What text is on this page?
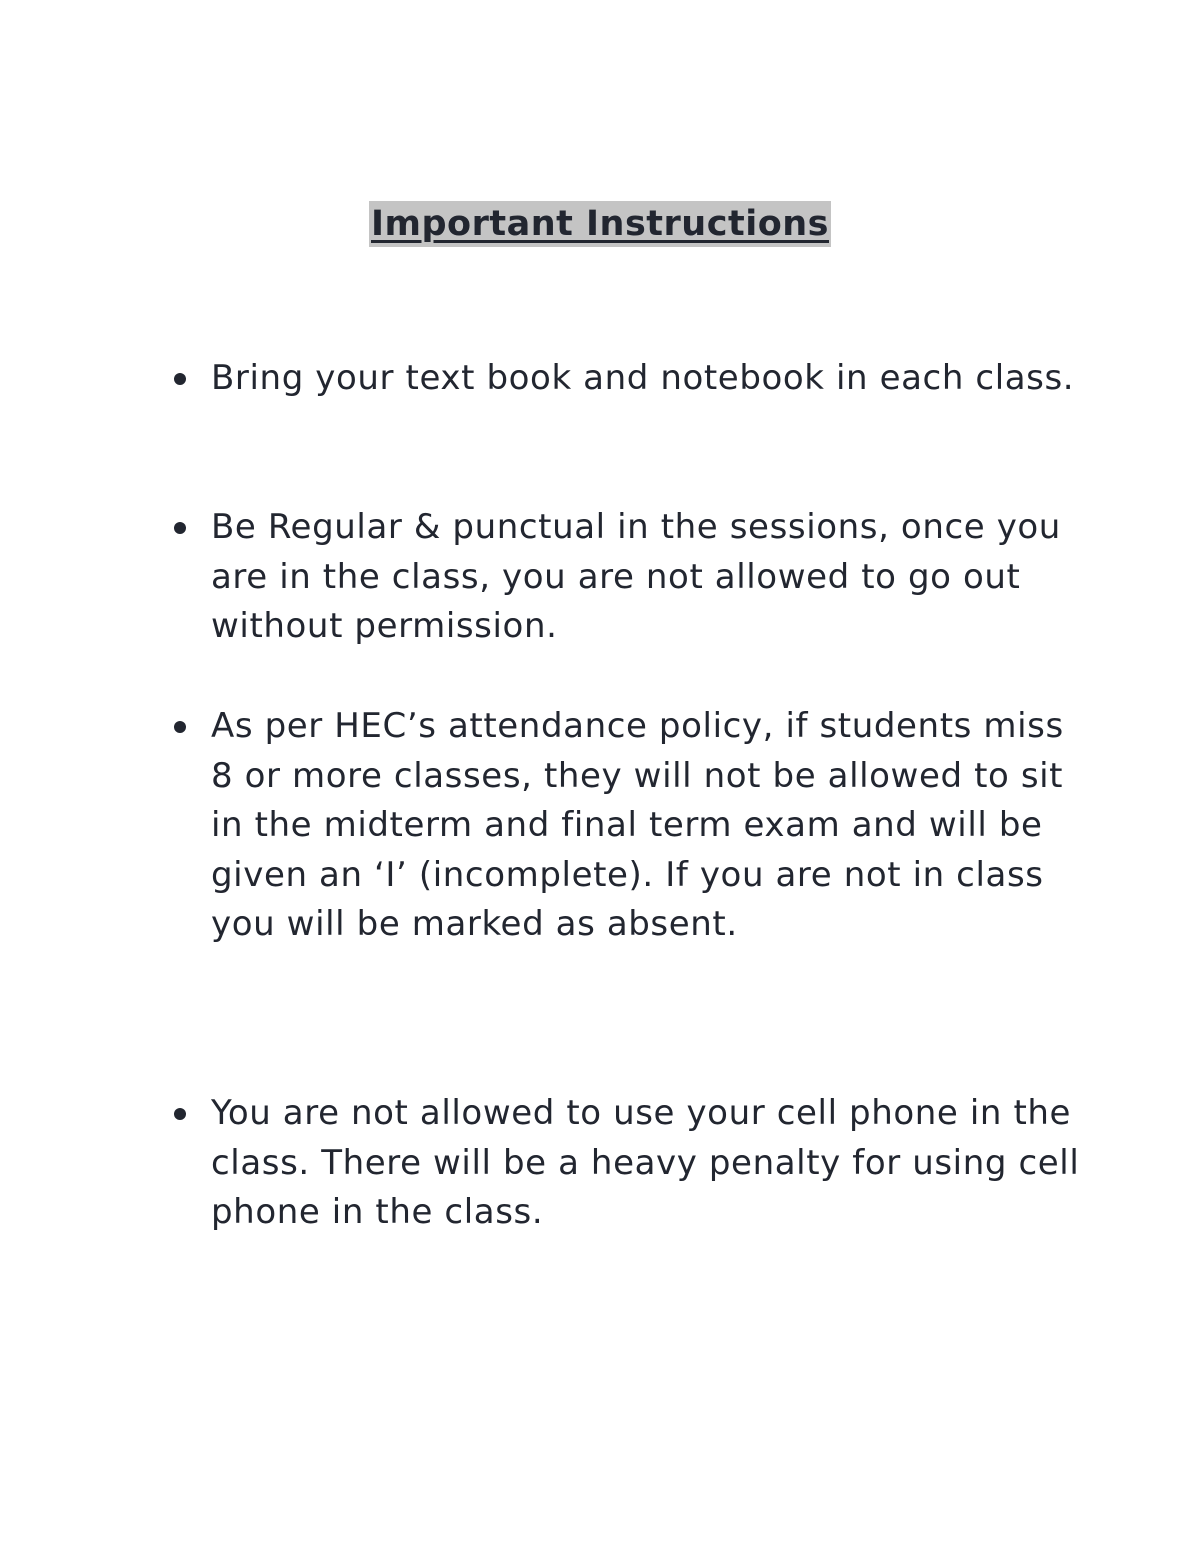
Important Instructions
Bring your text book and notebook in each class.
Be Regular & punctual in the sessions, once you are in the class, you are not allowed to go out without permission.
As per HEC’s attendance policy, if students miss 8 or more classes, they will not be allowed to sit in the midterm and final term exam and will be given an ‘I’ (incomplete). If you are not in class you will be marked as absent.
You are not allowed to use your cell phone in the class. There will be a heavy penalty for using cell phone in the class.
